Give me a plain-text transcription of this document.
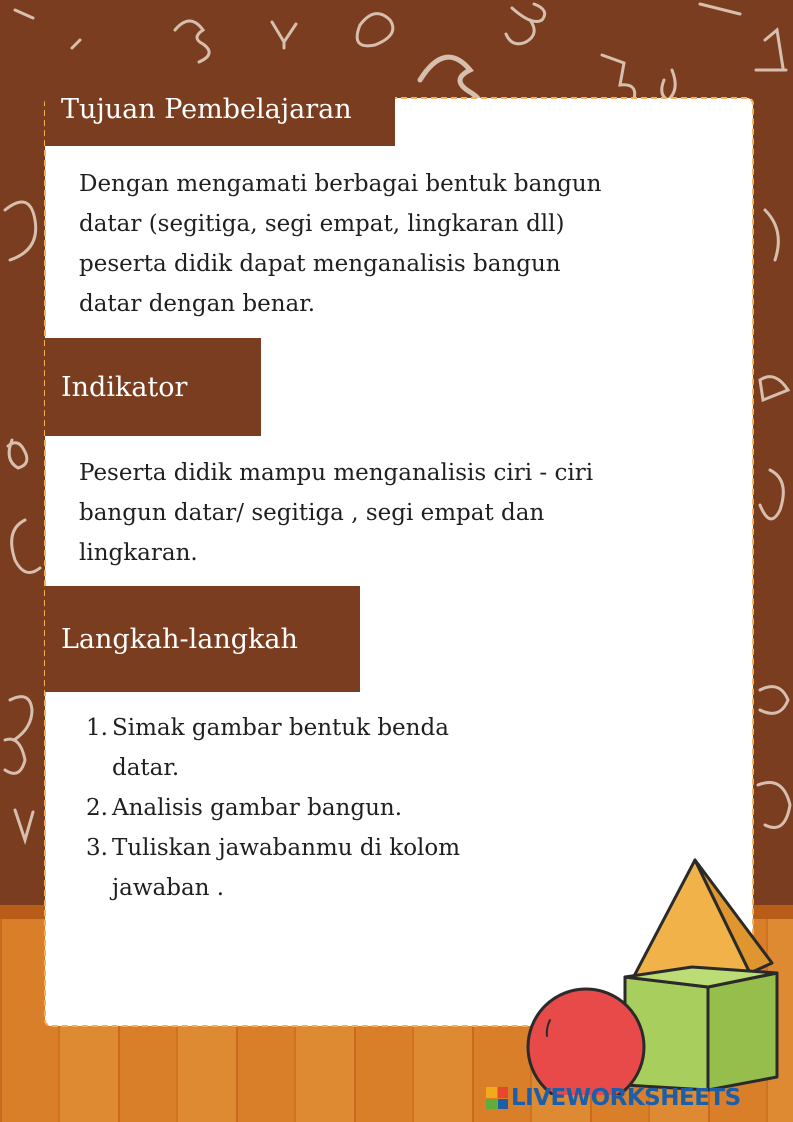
Tujuan Pembelajaran
Dengan mengamati berbagai bentuk bangun
datar (segitiga, segi empat, lingkaran dll)
peserta didik dapat menganalisis bangun
datar dengan benar.
Indikator
Peserta didik mampu menganalisis ciri - ciri
bangun datar/ segitiga , segi empat dan
lingkaran.
Langkah-langkah
1. Simak gambar bentuk benda
datar.
2. Analisis gambar bangun.
3. Tuliskan jawabanmu di kolom
jawaban .
LIVEWORKSHEETS
